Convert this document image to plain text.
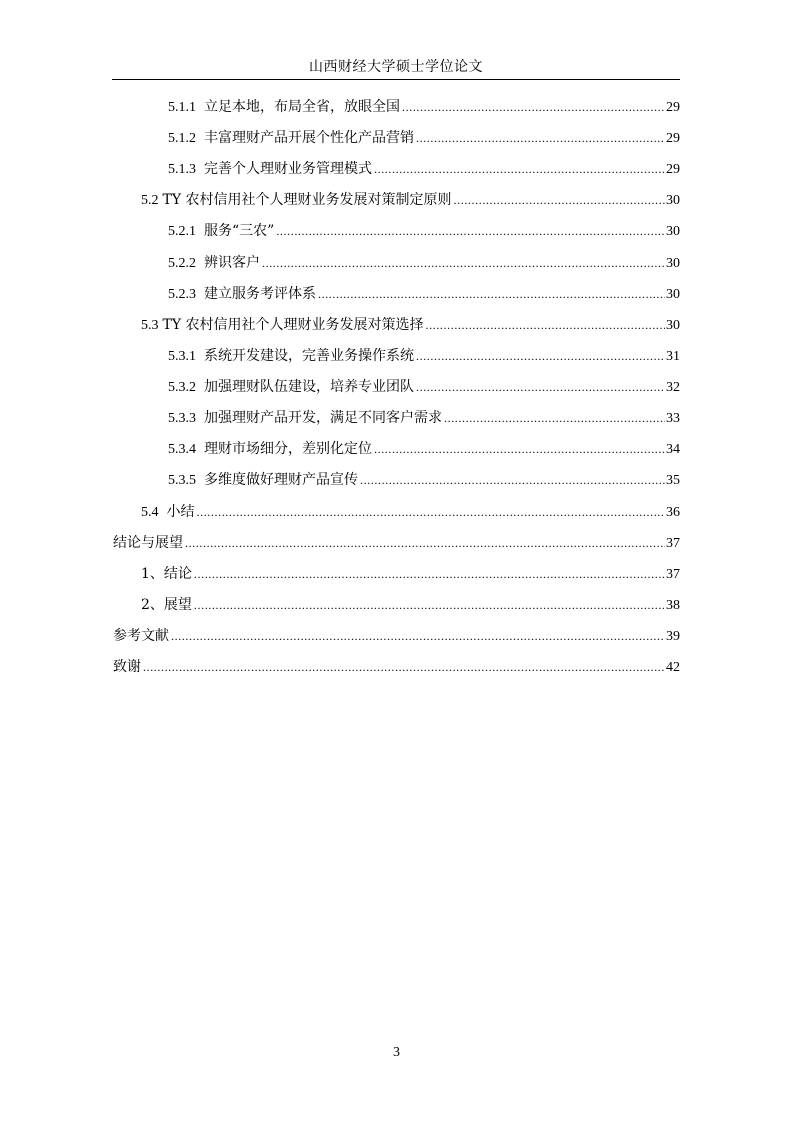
山西财经大学硕士学位论文
5.1.1 立足本地，布局全省，放眼全国 .....	29
5.1.2 丰富理财产品开展个性化产品营销 .....	29
5.1.3 完善个人理财业务管理模式 .....	29
5.2 TY 农村信用社个人理财业务发展对策制定原则 .....	30
5.2.1 服务“三农” .....	30
5.2.2 辨识客户 .....	30
5.2.3 建立服务考评体系 .....	30
5.3 TY 农村信用社个人理财业务发展对策选择 .....	30
5.3.1 系统开发建设，完善业务操作系统 .....	31
5.3.2 加强理财队伍建设，培养专业团队 .....	32
5.3.3 加强理财产品开发，满足不同客户需求 .....	33
5.3.4 理财市场细分，差别化定位 .....	34
5.3.5 多维度做好理财产品宣传 .....	35
5.4 小结 .....	36
结论与展望 .....	37
1、结论 .....	37
2、展望 .....	38
参考文献 .....	39
致谢 .....	42
3
